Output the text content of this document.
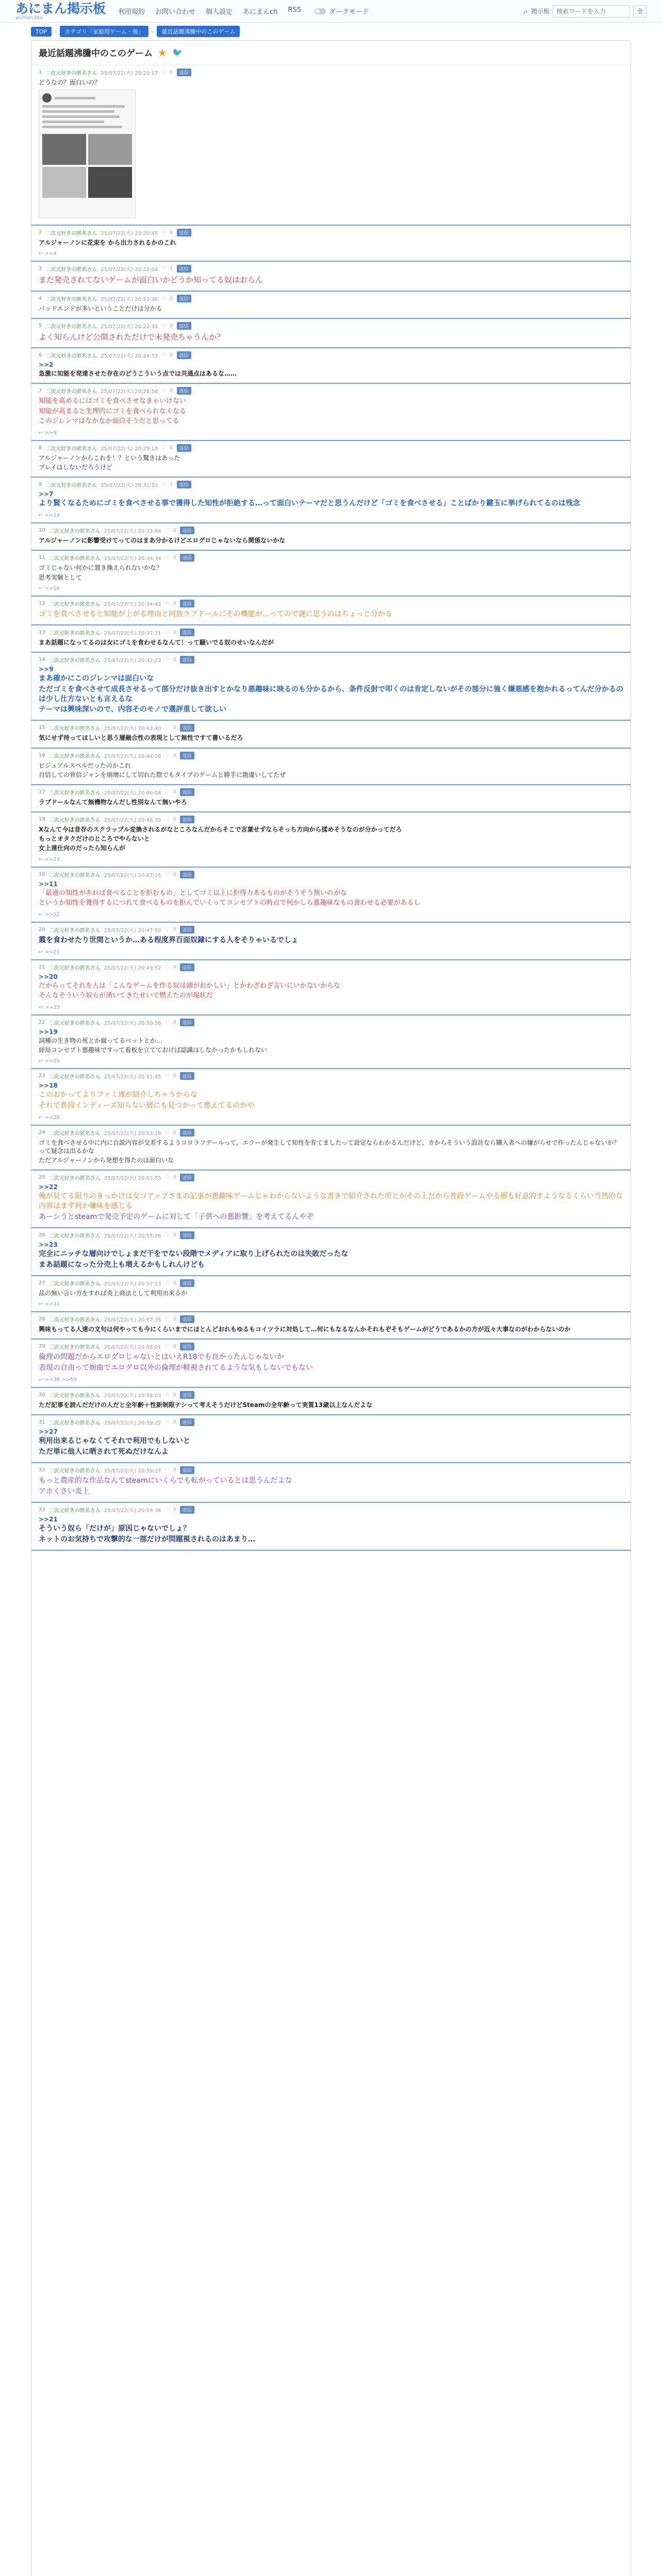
あにまん掲示板
animan bbs
利用規約 お問い合わせ 個人設定 あにまんch RSS	ダークモード	⌕ 掲示板
検索ワードを入力	全
TOP	›	カテゴリ「家庭用ゲーム・他」	›	最近話題沸騰中のこのゲーム
最近話題沸騰中のこのゲーム ★ 🐦
1 二次元好きの匿名さん 25/07/22(火) 20:20:17 ♡ 0	返信
どうなの？面白いの？
2 二次元好きの匿名さん 25/07/22(火) 20:20:45 ♡ 0	返信
アルジャーノンに花束を から出力されるかのこれ
↩ >>4
3 二次元好きの匿名さん 25/07/22(火) 20:22:04 ♡ 1	返信
まだ発売されてないゲームが面白いかどうか知ってる奴はおらん
4 二次元好きの匿名さん 25/07/22(火) 20:22:36 ♡ 0	返信
バッドエンドが多いということだけは分かる
5 二次元好きの匿名さん 25/07/22(火) 20:22:38 ♡ 0	返信
よく知らんけど公開されただけで未発売ちゃうんか？
6 二次元好きの匿名さん 25/07/22(火) 20:24:33 ♡ 0	返信
>>2
急激に知能を発達させた存在のどうこういう点では共通点はあるな……
7 二次元好きの匿名さん 25/07/22(火) 20:26:58 ♡ 0	返信
知能を高めるにはゴミを食べさせなきゃいけない
知能が高まると生理的にゴミを食べられなくなる
このジレンマはなかなか面白そうだと思ってる
↩ >>9
8 二次元好きの匿名さん 25/07/22(火) 20:29:18 ♡ 0	返信
アルジャーノンからこれを！？という驚きはあった
プレイはしないだろうけど
9 二次元好きの匿名さん 25/07/22(火) 20:31:52 ♡ 1	返信
>>7
より賢くなるためにゴミを食べさせる事で獲得した知性が拒絶する…って面白いテーマだと思うんだけど「ゴミを食べさせる」ことばかり鍵玉に挙げられてるのは残念
↩ >>14
10 二次元好きの匿名さん 25/07/22(火) 20:33:44 ♡ 0	返信
アルジャーノンに影響受けてってのはまあ分かるけどエログロじゃないなら関係ないかな
11 二次元好きの匿名さん 25/07/22(火) 20:34:34 ♡ 0	返信
ゴミじゃない何かに置き換えられないかな？
思考実験として
↩ >>16
12 二次元好きの匿名さん 25/07/22(火) 20:34:43 ♡ 0	返信
ゴミを食べさせると知能が上がる理由と同族ラブドールにその機能が…ってので謎に思うのはちょっと分かる
13 二次元好きの匿名さん 25/07/22(火) 20:37:11 ♡ 0	返信
まあ話題になってるのは女にゴミを食わせるなんて！って騒いでる奴のせいなんだが
14 二次元好きの匿名さん 25/07/22(火) 20:42:23 ♡ 0	返信
>>9
まあ確かにこのジレンマは面白いな
ただゴミを食べさせて成長させるって部分だけ抜き出すとかなり悪趣味に映るのも分かるから、条件反射で叩くのは肯定しないがその部分に強く嫌悪感を抱かれるってんだ分かるのは少し仕方ないとも言えるな
テーマは興味深いので、内容そのモノで選評重して欲しい
15 二次元好きの匿名さん 25/07/22(火) 20:43:40 ♡ 0	返信
気にせず待ってほしいと思う層融合性の表現として無性ですて書いるだろ
16 二次元好きの匿名さん 25/07/22(火) 20:44:28 ♡ 0	返信
ビジュアルスペルだったのかこれ
自信しての背信ジャンを崩壊にして切れた際でもタイプのゲームと勝手に勘違いしてたぜ
17 二次元好きの匿名さん 25/07/22(火) 20:46:04 ♡ 0	返信
ラブドールなんて無機物なんだし性別なんて無いやろ
18 二次元好きの匿名さん 25/07/22(火) 20:46:39 ♡ 0	返信
Xなんて今は昔存のスクラップル変換されるがなところなんだからそこで言葉せずならそっち方向から揉めそうなのが分かってだろ
もっとオタクだけのところでやらないと
女上達仕向のだったら知らんが
↩ >>23
19 二次元好きの匿名さん 25/07/22(火) 20:47:15 ♡ 0	返信
>>11
「最適の知性があれば食べることを拒むもの」としてゴミ以上に拒得力あるものがそうそう無いのがな
というか知性を獲得するにつれて食べるものを拒んでいくってコンセプトの時点で何かしら悪趣味なもの食わせる必要があるし
↩ >>22
20 二次元好きの匿名さん 25/07/22(火) 20:47:50 ♡ 0	返信
霞を食わせたり世間というか…ある程度界百面奴隷にする人をそりゃいるでしょ
↩ >>21
21 二次元好きの匿名さん 25/07/22(火) 20:49:52 ♡ 0	返信
>>20
だからってそれを人は「こんなゲームを作る奴は頭がおかしい」とかわざわざ言いにいかないからな
そんなそういう奴らが湧いてきたせいで燃えたのが現状だ
↩ >>23
22 二次元好きの匿名さん 25/07/22(火) 20:50:56 ♡ 0	返信
>>19
詞種の生き物の死とか腐ってるベットとか…
経局コンセプト悪趣味ですって看板を立てておけば認識はしなかったかもしれない
↩ >>25
23 二次元好きの匿名さん 25/07/22(火) 20:51:45 ♡ 0	返信
>>18
このおかってよりファミ通が紹介しちゃうからな
それで普段インディーズ知らない層にも見つかって燃えてるのかや
↩ >>26
24 二次元好きの匿名さん 25/07/22(火) 20:53:16 ♡ 0	返信
ゴミを食べさせる中に内に自説内容が交差するようコロラフデールって、エラーが発生して知性を育てましたって設定ならわかるんだけど、カからそういう設計なら購入者への嫌がらせで作ったんじゃないか？って疑念は出るかな
ただアルジャーノンから発想を得たのは面白いな
25 二次元好きの匿名さん 25/07/22(火) 20:53:55 ♡ 0	返信
>>22
俺が見てる限りのきっかけは女コアップさまの記事が悪趣味ゲームじゃわからないような書きで紹介された所とかその上だから普段ゲームやる層も好意的すようなるくらい当然的な内容はまず何か嫌味を感じる
あーシうとsteamで発売予定のゲームに対して「子供への悪影響」を考えてるんやぞ
26 二次元好きの匿名さん 25/07/22(火) 20:55:26 ♡ 0	返信
>>23
完全にニッチな層向けでしょまだ干をでない段階でメディアに取り上げられたのは失敗だったな
まあ話題になった分売上も増えるかもしれんけども
27 二次元好きの匿名さん 25/07/22(火) 20:57:13 ♡ 0	返信
品の無い言い方をすれば炎上商法として利用出来るか
↩ >>31
28 二次元好きの匿名さん 25/07/22(火) 20:57:35 ♡ 0	返信
興味もってる人達の文句は何やっても今にくらいまでにほとんどおれもゆるもコイツラに対処して…何にもなるなんかそれもぞそもゲームがどうであるかの方が近々大事なのがわからないのか
29 二次元好きの匿名さん 25/07/22(火) 20:58:01 ♡ 0	返信
倫理の問題だからエログロじゃないとはいえR18でも良かったんじゃないか
表現の自由って婉曲でエログロ以外の倫理が軽視されてるような気もしないでもない
↩ >>38 >>50
30 二次元好きの匿名さん 25/07/22(火) 20:58:03 ♡ 0	返信
ただ記事を読んだだけの人だと全年齢＋性新制限ナシって考えそうだけどSteamの全年齢って実質13歳以上なんだよな
31 二次元好きの匿名さん 25/07/22(火) 20:59:22 ♡ 0	返信
>>27
利用出来るじゃなくてそれで利用でもしないと
ただ単に他人に晒されて死ぬだけなんよ
32 二次元好きの匿名さん 25/07/22(火) 20:59:27 ♡ 0	返信
もっと農産的な作品なんてsteamにいくらでも転がっているとは思うんだよな
アホくさい炎上
33 二次元好きの匿名さん 25/07/22(火) 20:59:38 ♡ 0	返信
>>21
そういう奴ら「だけが」原因じゃないでしょ？
ネットのお気持ちで攻撃的な一部だけが問題視されるのはあまり…
